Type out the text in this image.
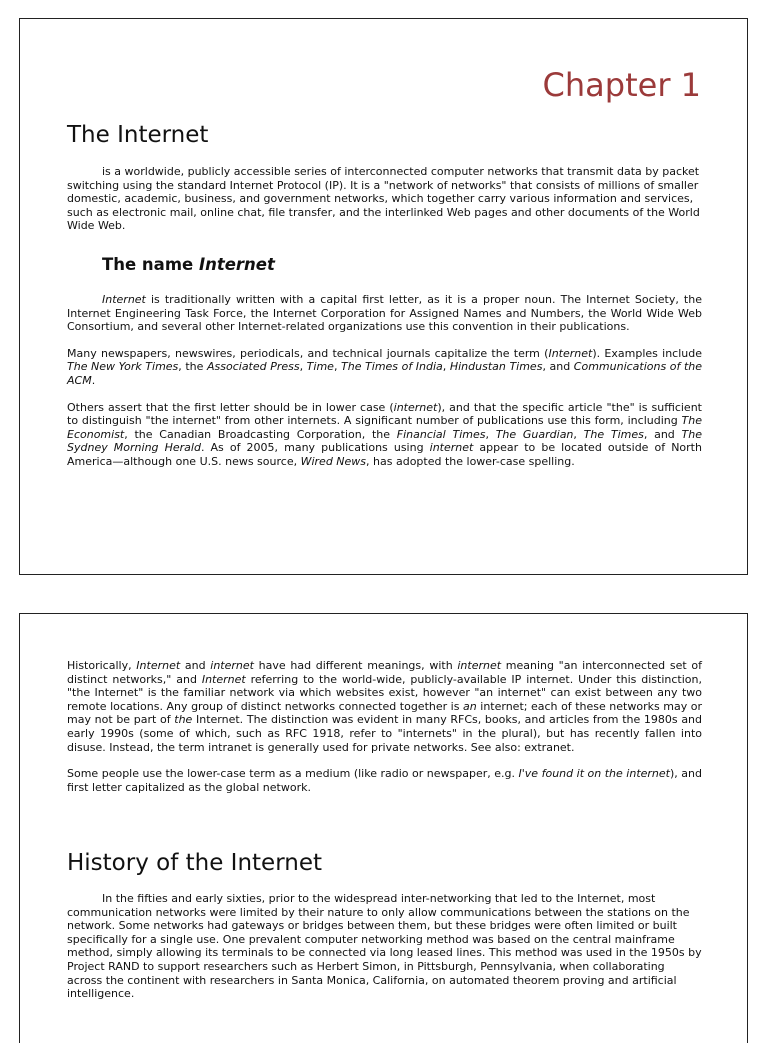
Chapter 1
The Internet

is a worldwide, publicly accessible series of interconnected computer networks that transmit data by packet switching using the standard Internet Protocol (IP). It is a "network of networks" that consists of millions of smaller domestic, academic, business, and government networks, which together carry various information and services, such as electronic mail, online chat, file transfer, and the interlinked Web pages and other documents of the World Wide Web.

The name Internet

Internet is traditionally written with a capital first letter, as it is a proper noun. The Internet Society, the Internet Engineering Task Force, the Internet Corporation for Assigned Names and Numbers, the World Wide Web Consortium, and several other Internet-related organizations use this convention in their publications.

Many newspapers, newswires, periodicals, and technical journals capitalize the term (Internet). Examples include The New York Times, the Associated Press, Time, The Times of India, Hindustan Times, and Communications of the ACM.

Others assert that the first letter should be in lower case (internet), and that the specific article "the" is sufficient to distinguish "the internet" from other internets. A significant number of publications use this form, including The Economist, the Canadian Broadcasting Corporation, the Financial Times, The Guardian, The Times, and The Sydney Morning Herald. As of 2005, many publications using internet appear to be located outside of North America—although one U.S. news source, Wired News, has adopted the lower-case spelling.

Historically, Internet and internet have had different meanings, with internet meaning "an interconnected set of distinct networks," and Internet referring to the world-wide, publicly-available IP internet. Under this distinction, "the Internet" is the familiar network via which websites exist, however "an internet" can exist between any two remote locations. Any group of distinct networks connected together is an internet; each of these networks may or may not be part of the Internet. The distinction was evident in many RFCs, books, and articles from the 1980s and early 1990s (some of which, such as RFC 1918, refer to "internets" in the plural), but has recently fallen into disuse. Instead, the term intranet is generally used for private networks. See also: extranet.

Some people use the lower-case term as a medium (like radio or newspaper, e.g. I've found it on the internet), and first letter capitalized as the global network.

History of the Internet

In the fifties and early sixties, prior to the widespread inter-networking that led to the Internet, most communication networks were limited by their nature to only allow communications between the stations on the network. Some networks had gateways or bridges between them, but these bridges were often limited or built specifically for a single use. One prevalent computer networking method was based on the central mainframe method, simply allowing its terminals to be connected via long leased lines. This method was used in the 1950s by Project RAND to support researchers such as Herbert Simon, in Pittsburgh, Pennsylvania, when collaborating across the continent with researchers in Santa Monica, California, on automated theorem proving and artificial intelligence.
